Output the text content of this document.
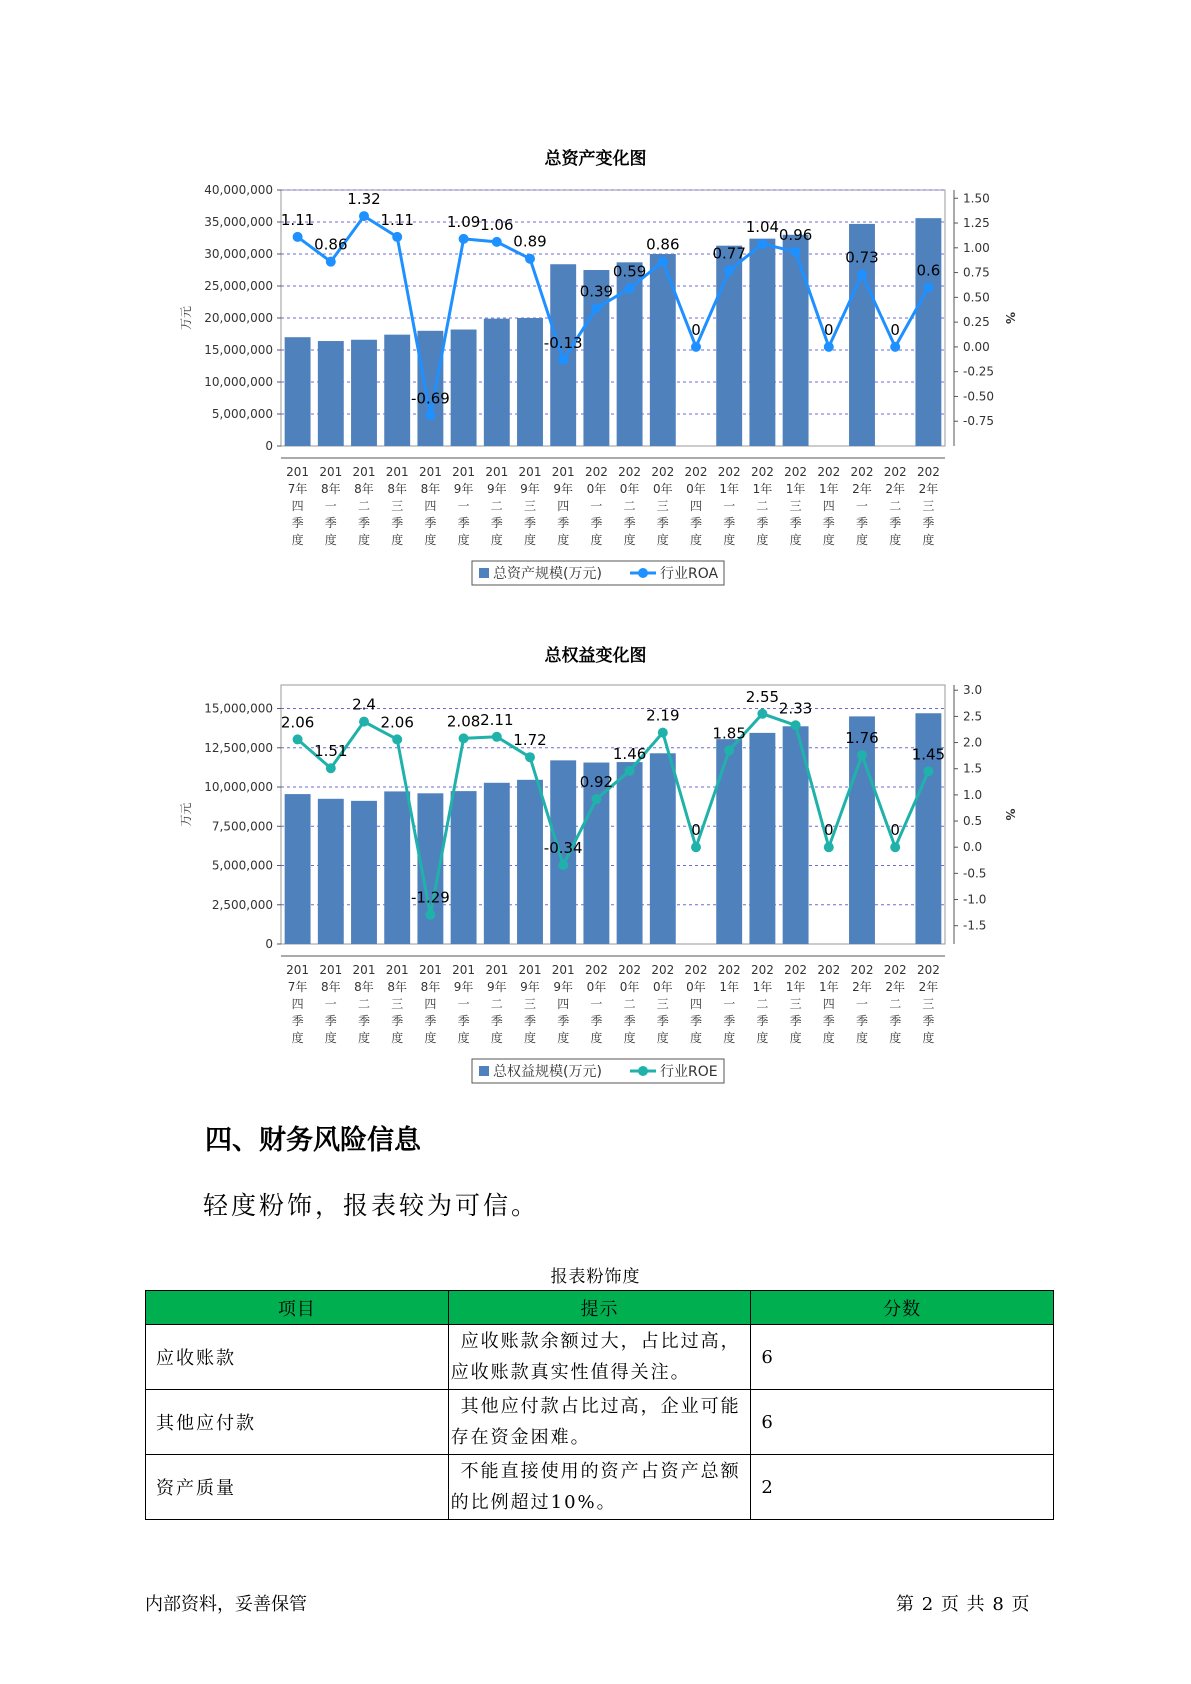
总资产变化图
0
5,000,000
10,000,000
15,000,000
20,000,000
25,000,000
30,000,000
35,000,000
40,000,000
-0.75
-0.50
-0.25
0.00
0.25
0.50
0.75
1.00
1.25
1.50
万元	%
201
7年
四
季
度
201
8年
一
季
度
201
8年
二
季
度
201
8年
三
季
度
201
8年
四
季
度
201
9年
一
季
度
201
9年
二
季
度
201
9年
三
季
度
201
9年
四
季
度
202
0年
一
季
度
202
0年
二
季
度
202
0年
三
季
度
202
0年
四
季
度
202
1年
一
季
度
202
1年
二
季
度
202
1年
三
季
度
202
1年
四
季
度
202
2年
一
季
度
202
2年
二
季
度
202
2年
三
季
度
1.11
0.86
1.32
1.11
-0.69
1.09 1.06
0.89
-0.13
0.39
0.59
0.86
0
0.77
1.04 0.96
0
0.73
0
0.6
总资产规模(万元)	行业ROA
总权益变化图
0
2,500,000
5,000,000
7,500,000
10,000,000
12,500,000
15,000,000
-1.5
-1.0
-0.5
0.0
0.5
1.0
1.5
2.0
2.5
3.0
万元	%
201
7年
四
季
度
201
8年
一
季
度
201
8年
二
季
度
201
8年
三
季
度
201
8年
四
季
度
201
9年
一
季
度
201
9年
二
季
度
201
9年
三
季
度
201
9年
四
季
度
202
0年
一
季
度
202
0年
二
季
度
202
0年
三
季
度
202
0年
四
季
度
202
1年
一
季
度
202
1年
二
季
度
202
1年
三
季
度
202
1年
四
季
度
202
2年
一
季
度
202
2年
二
季
度
202
2年
三
季
度
2.06
1.51
2.4
2.06
-1.29
2.08 2.11
1.72
-0.34
0.92
1.46
2.19
0
1.85
2.55
2.33
0
1.76
0
1.45
总权益规模(万元)	行业ROE
四、财务风险信息
轻度粉饰，报表较为可信。
报表粉饰度
项目	提示	分数
应收账款	应收账款余额过大，占比过高，
应收账款真实性值得关注。	6
其他应付款	其他应付款占比过高，企业可能
存在资金困难。	6
资产质量	不能直接使用的资产占资产总额
的比例超过10%。	2
内部资料，妥善保管	第 2 页 共 8 页
